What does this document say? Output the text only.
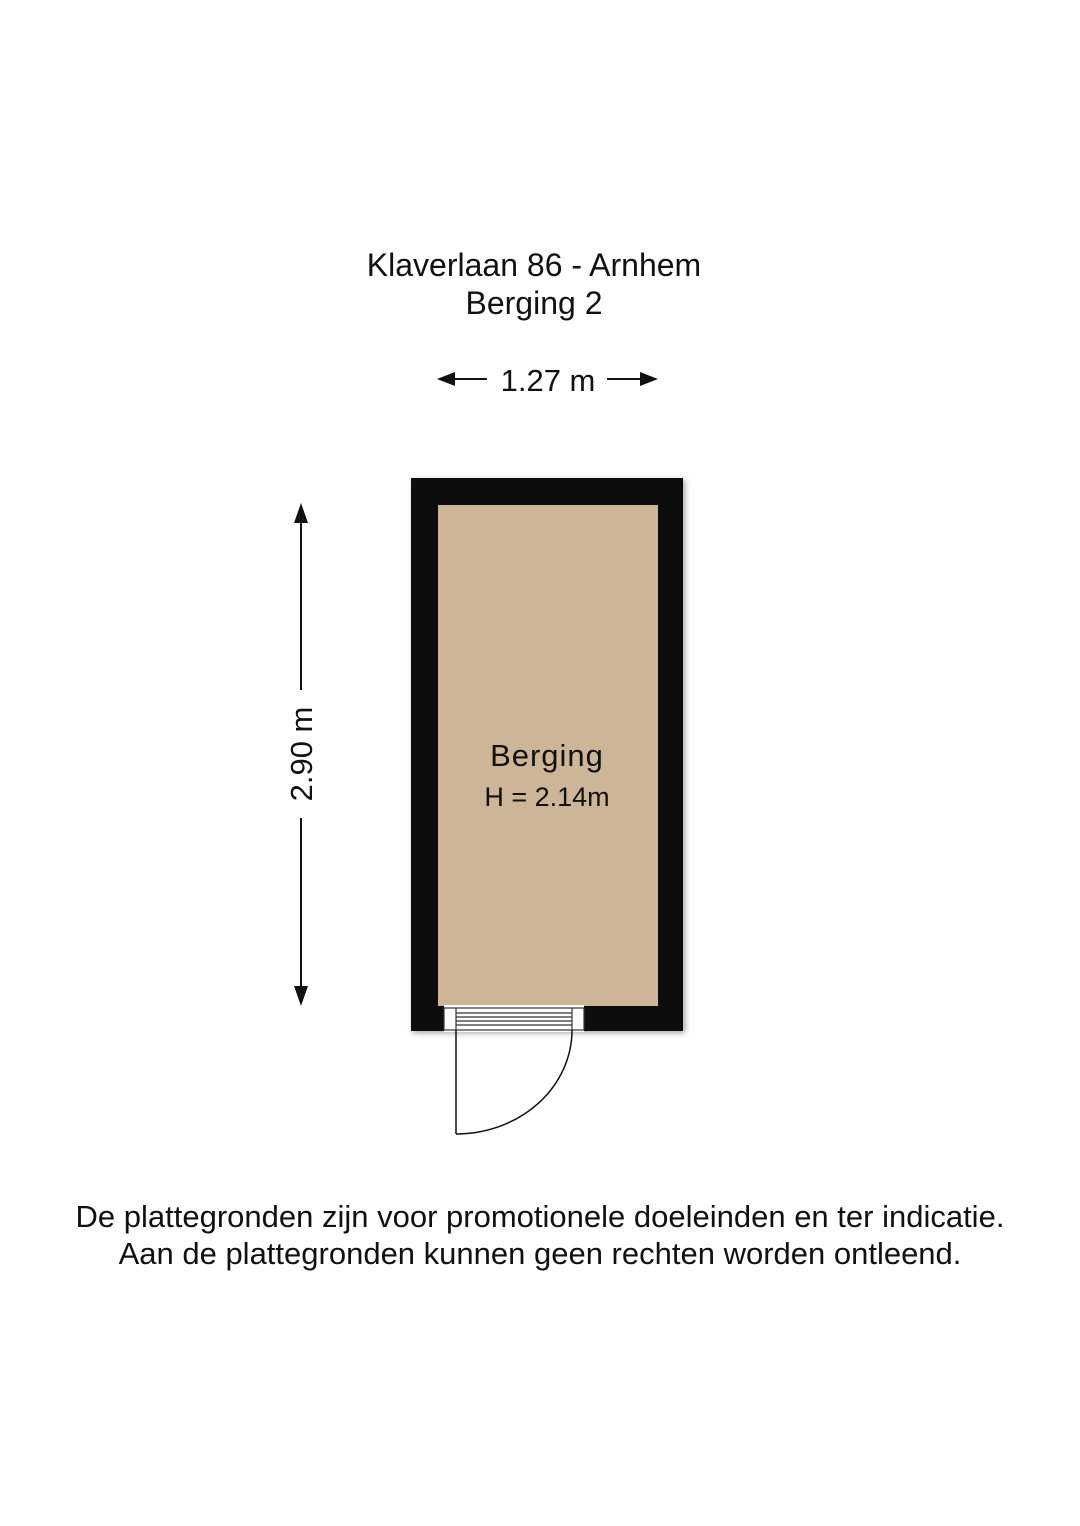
Klaverlaan 86 - Arnhem
Berging 2
1.27 m
2.90 m	Berging
H = 2.14m
De plattegronden zijn voor promotionele doeleinden en ter indicatie.
Aan de plattegronden kunnen geen rechten worden ontleend.
